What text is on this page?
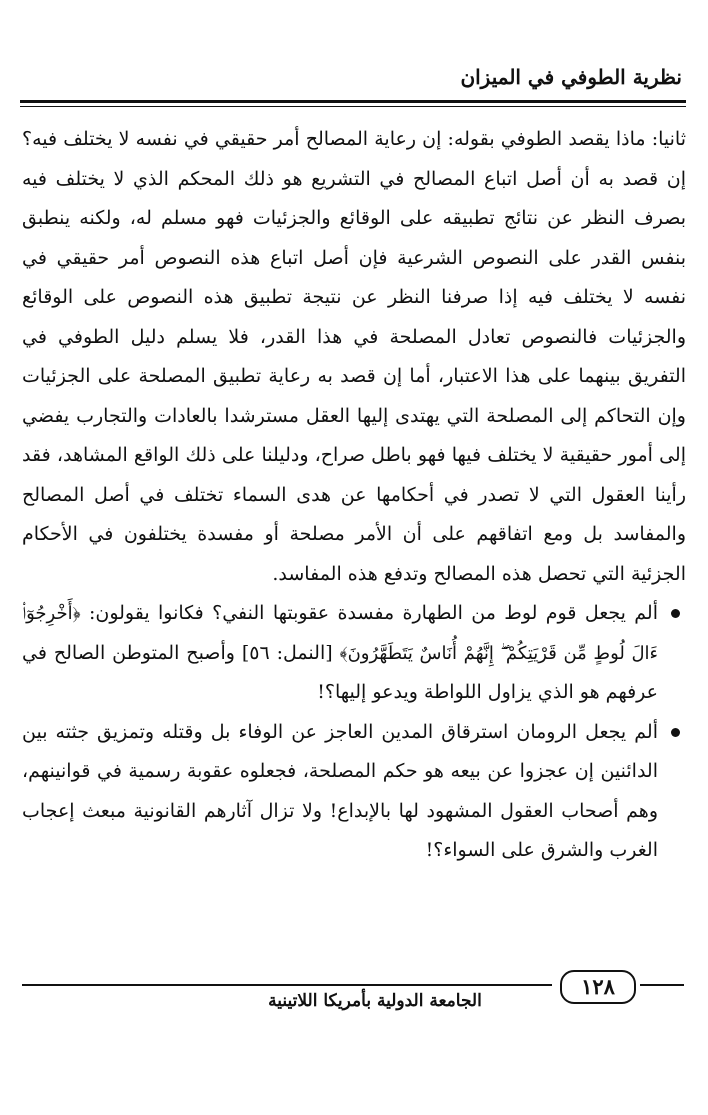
نظرية الطوفي في الميزان

ثانيا: ماذا يقصد الطوفي بقوله: إن رعاية المصالح أمر حقيقي في نفسه لا يختلف فيه؟ إن قصد به أن أصل اتباع المصالح في التشريع هو ذلك المحكم الذي لا يختلف فيه بصرف النظر عن نتائج تطبيقه على الوقائع والجزئيات فهو مسلم له، ولكنه ينطبق بنفس القدر على النصوص الشرعية فإن أصل اتباع هذه النصوص أمر حقيقي في نفسه لا يختلف فيه إذا صرفنا النظر عن نتيجة تطبيق هذه النصوص على الوقائع والجزئيات فالنصوص تعادل المصلحة في هذا القدر، فلا يسلم دليل الطوفي في التفريق بينهما على هذا الاعتبار، أما إن قصد به رعاية تطبيق المصلحة على الجزئيات وإن التحاكم إلى المصلحة التي يهتدى إليها العقل مسترشدا بالعادات والتجارب يفضي إلى أمور حقيقية لا يختلف فيها فهو باطل صراح، ودليلنا على ذلك الواقع المشاهد، فقد رأينا العقول التي لا تصدر في أحكامها عن هدى السماء تختلف في أصل المصالح والمفاسد بل ومع اتفاقهم على أن الأمر مصلحة أو مفسدة يختلفون في الأحكام الجزئية التي تحصل هذه المصالح وتدفع هذه المفاسد.

ألم يجعل قوم لوط من الطهارة مفسدة عقوبتها النفي؟ فكانوا يقولون: ﴿أَخْرِجُوٓا۟ ءَالَ لُوطٍ مِّن قَرْيَتِكُمْ ۖ إِنَّهُمْ أُنَاسٌ يَتَطَهَّرُونَ﴾ [النمل: ٥٦] وأصبح المتوطن الصالح في عرفهم هو الذي يزاول اللواطة ويدعو إليها؟!
ألم يجعل الرومان استرقاق المدين العاجز عن الوفاء بل وقتله وتمزيق جثته بين الدائنين إن عجزوا عن بيعه هو حكم المصلحة، فجعلوه عقوبة رسمية في قوانينهم، وهم أصحاب العقول المشهود لها بالإبداع! ولا تزال آثارهم القانونية مبعث إعجاب الغرب والشرق على السواء؟!
١٢٨
الجامعة الدولية بأمريكا اللاتينية
